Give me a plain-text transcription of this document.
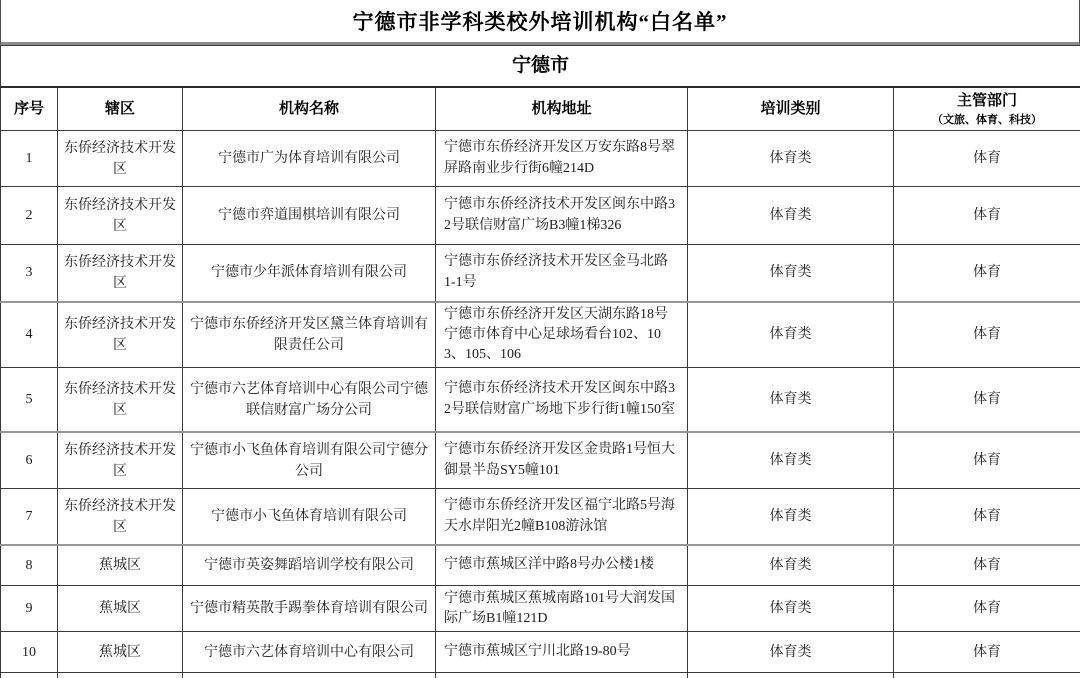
宁德市非学科类校外培训机构“白名单”
宁德市					
序号	辖区	机构名称	机构地址	培训类别	主管部门
（文旅、体育、科技）

1	东侨经济技术开发区	宁德市广为体育培训有限公司	宁德市东侨经济开发区万安东路8号翠屏路南业步行街6幢214D	体育类	体育
2	东侨经济技术开发区	宁德市弈道围棋培训有限公司	宁德市东侨经济技术开发区闽东中路32号联信财富广场B3幢1梯326	体育类	体育
3	东侨经济技术开发区	宁德市少年派体育培训有限公司	宁德市东侨经济技术开发区金马北路 1-1号	体育类	体育
4	东侨经济技术开发区	宁德市东侨经济开发区黛兰体育培训有限责任公司	宁德市东侨经济开发区天湖东路18号宁德市体育中心足球场看台102、103、105、106	体育类	体育
5	东侨经济技术开发区	宁德市六艺体育培训中心有限公司宁德联信财富广场分公司	宁德市东侨经济技术开发区闽东中路32号联信财富广场地下步行街1幢150室	体育类	体育
6	东侨经济技术开发区	宁德市小飞鱼体育培训有限公司宁德分公司	宁德市东侨经济开发区金贵路1号恒大御景半岛SY5幢101	体育类	体育
7	东侨经济技术开发区	宁德市小飞鱼体育培训有限公司	宁德市东侨经济开发区福宁北路5号海天水岸阳光2幢B108游泳馆	体育类	体育
8	蕉城区	宁德市英姿舞蹈培训学校有限公司	宁德市蕉城区洋中路8号办公楼1楼	体育类	体育
9	蕉城区	宁德市精英散手踢拳体育培训有限公司	宁德市蕉城区蕉城南路101号大润发国际广场B1幢121D	体育类	体育
10	蕉城区	宁德市六艺体育培训中心有限公司	宁德市蕉城区宁川北路19-80号	体育类	体育
